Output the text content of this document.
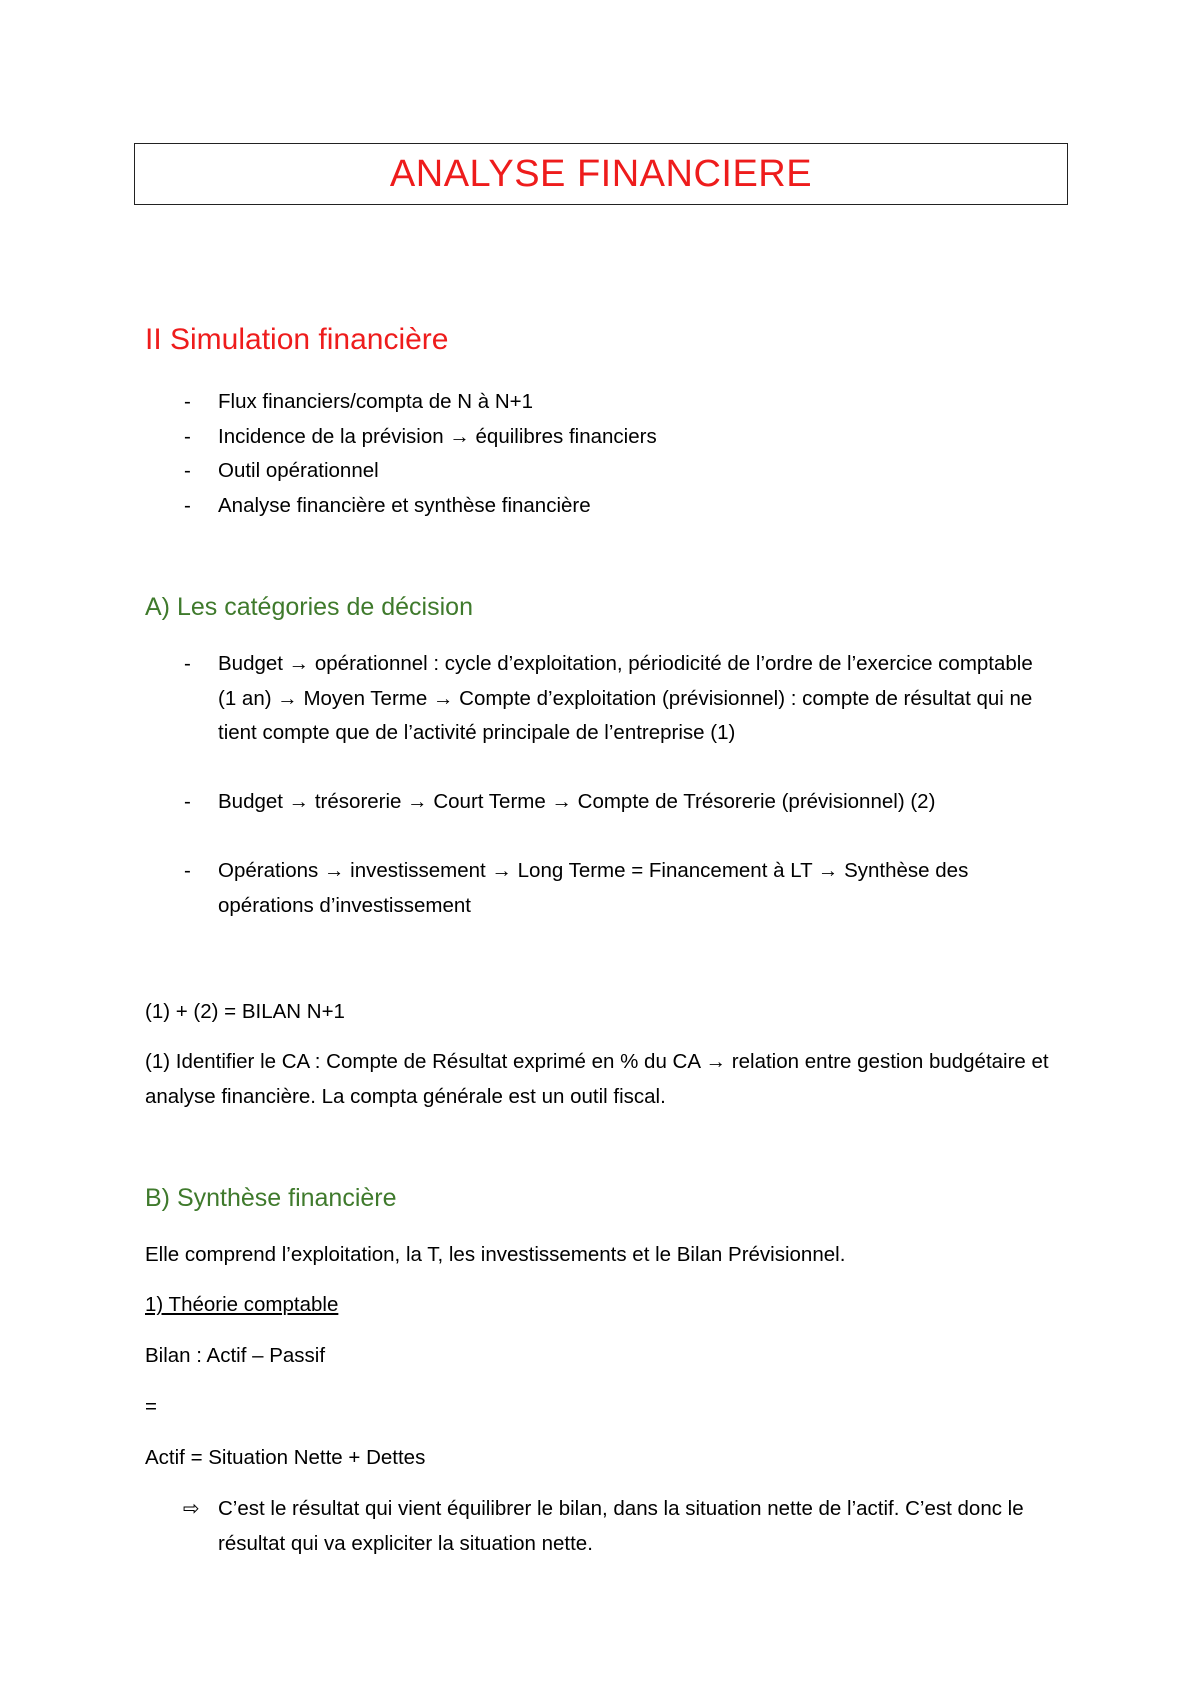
ANALYSE FINANCIERE
II Simulation financière
- Flux financiers/compta de N à N+1
- Incidence de la prévision → équilibres financiers
- Outil opérationnel
- Analyse financière et synthèse financière
A) Les catégories de décision
- Budget → opérationnel : cycle d’exploitation, périodicité de l’ordre de l’exercice comptable (1 an) → Moyen Terme → Compte d’exploitation (prévisionnel) : compte de résultat qui ne tient compte que de l’activité principale de l’entreprise (1)
- Budget → trésorerie → Court Terme → Compte de Trésorerie (prévisionnel) (2)
- Opérations → investissement → Long Terme = Financement à LT → Synthèse des opérations d’investissement
(1) + (2) = BILAN N+1
(1) Identifier le CA : Compte de Résultat exprimé en % du CA → relation entre gestion budgétaire et analyse financière. La compta générale est un outil fiscal.
B) Synthèse financière
Elle comprend l’exploitation, la T, les investissements et le Bilan Prévisionnel.
1) Théorie comptable
Bilan : Actif – Passif
=
Actif = Situation Nette + Dettes
⇨ C’est le résultat qui vient équilibrer le bilan, dans la situation nette de l’actif. C’est donc le résultat qui va expliciter la situation nette.
